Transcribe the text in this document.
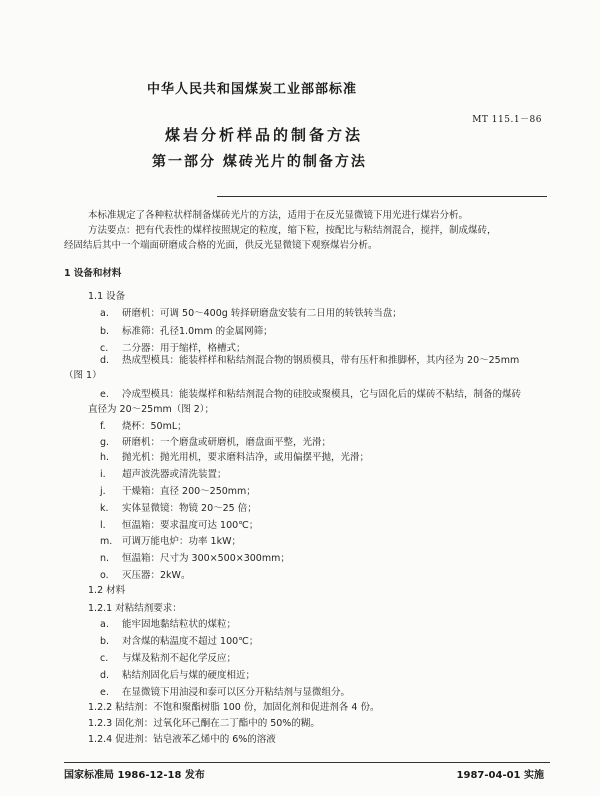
中华人民共和国煤炭工业部部标准
MT 115.1－86
煤岩分析样品的制备方法
第一部分 煤砖光片的制备方法
本标准规定了各种粒状样制备煤砖光片的方法，适用于在反光显微镜下用光进行煤岩分析。
方法要点：把有代表性的煤样按照规定的粒度，缩下粒，按配比与粘结剂混合，搅拌，制成煤砖，
经固结后其中一个端面研磨成合格的光面，供反光显微镜下观察煤岩分析。
1 设备和材料
1.1 设备
a. 研磨机：可调 50～400g 转择研磨盘安装有二日用的转铁转当盘；
b. 标准筛：孔径1.0mm 的金属网筛；
c. 二分器：用于缩样，格槽式；
d. 热成型模具：能装样样和粘结剂混合物的钢质模具，带有压杆和推脚杯，其内径为 20～25mm
（图 1）
e. 冷成型模具：能装煤样和粘结剂混合物的硅胶或聚模具，它与固化后的煤砖不粘结，制备的煤砖
直径为 20～25mm（图 2）；
f. 烧杯：50mL；
g. 研磨机：一个磨盘或研磨机，磨盘面平整，光滑；
h. 抛光机：抛光用机，要求磨料洁净，或用偏摆平抛，光滑；
i. 超声波洗器或清洗装置；
j. 干燥箱：直径 200～250mm；
k. 实体显微镜：物镜 20～25 倍；
l. 恒温箱：要求温度可达 100℃；
m. 可调万能电炉：功率 1kW；
n. 恒温箱：尺寸为 300×500×300mm；
o. 灭压器：2kW。
1.2 材料
1.2.1 对粘结剂要求：
a. 能牢固地黏结粒状的煤粒；
b. 对含煤的粘温度不超过 100℃；
c. 与煤及粘剂不起化学反应；
d. 粘结剂固化后与煤的硬度相近；
e. 在显微镜下用油浸和泰可以区分开粘结剂与显微组分。
1.2.2 粘结剂：不饱和聚酯树脂 100 份，加固化剂和促进剂各 4 份。
1.2.3 固化剂：过氧化环己酮在二丁酯中的 50%的糊。
1.2.4 促进剂：钴皂液苯乙烯中的 6%的溶液
国家标准局 1986-12-18 发布	1987-04-01 实施
